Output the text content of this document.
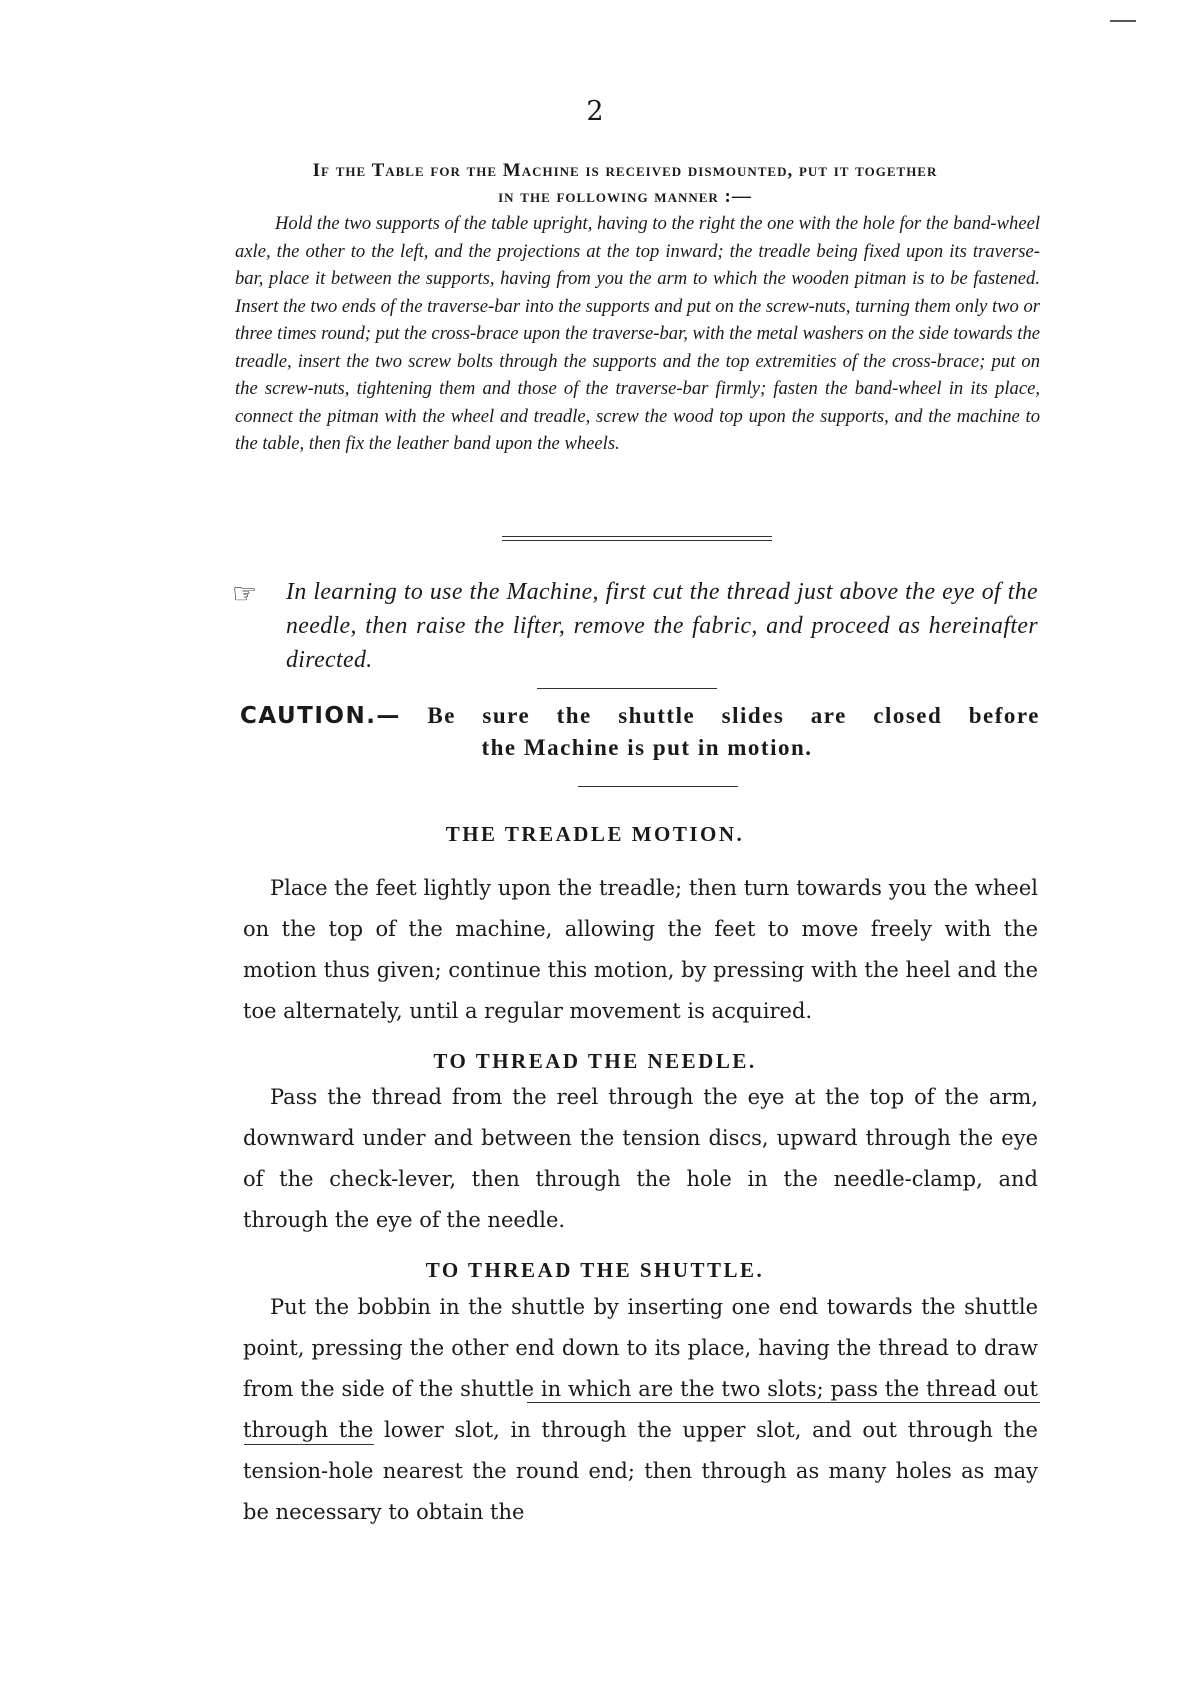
2
If the Table for the Machine is received dismounted, put it together
in the following manner :—

Hold the two supports of the table upright, having to the right the one with the hole for the band-wheel axle, the other to the left, and the projections at the top inward; the treadle being fixed upon its traverse-bar, place it between the supports, having from you the arm to which the wooden pitman is to be fastened. Insert the two ends of the traverse-bar into the supports and put on the screw-nuts, turning them only two or three times round; put the cross-brace upon the traverse-bar, with the metal washers on the side towards the treadle, insert the two screw bolts through the supports and the top extremities of the cross-brace; put on the screw-nuts, tightening them and those of the traverse-bar firmly; fasten the band-wheel in its place, connect the pitman with the wheel and treadle, screw the wood top upon the supports, and the machine to the table, then fix the leather band upon the wheels.

☞ In learning to use the Machine, first cut the thread just above the eye of the needle, then raise the lifter, remove the fabric, and proceed as hereinafter directed.
CAUTION.— Be sure the shuttle slides are closed before
the Machine is put in motion.
THE TREADLE MOTION.

Place the feet lightly upon the treadle; then turn towards you the wheel on the top of the machine, allowing the feet to move freely with the motion thus given; continue this motion, by pressing with the heel and the toe alternately, until a regular movement is acquired.

TO THREAD THE NEEDLE.

Pass the thread from the reel through the eye at the top of the arm, downward under and between the tension discs, upward through the eye of the check-lever, then through the hole in the needle-clamp, and through the eye of the needle.

TO THREAD THE SHUTTLE.

Put the bobbin in the shuttle by inserting one end towards the shuttle point, pressing the other end down to its place, having the thread to draw from the side of the shuttle in which are the two slots; pass the thread out through the lower slot, in through the upper slot, and out through the tension-hole nearest the round end; then through as many holes as may be necessary to obtain the
